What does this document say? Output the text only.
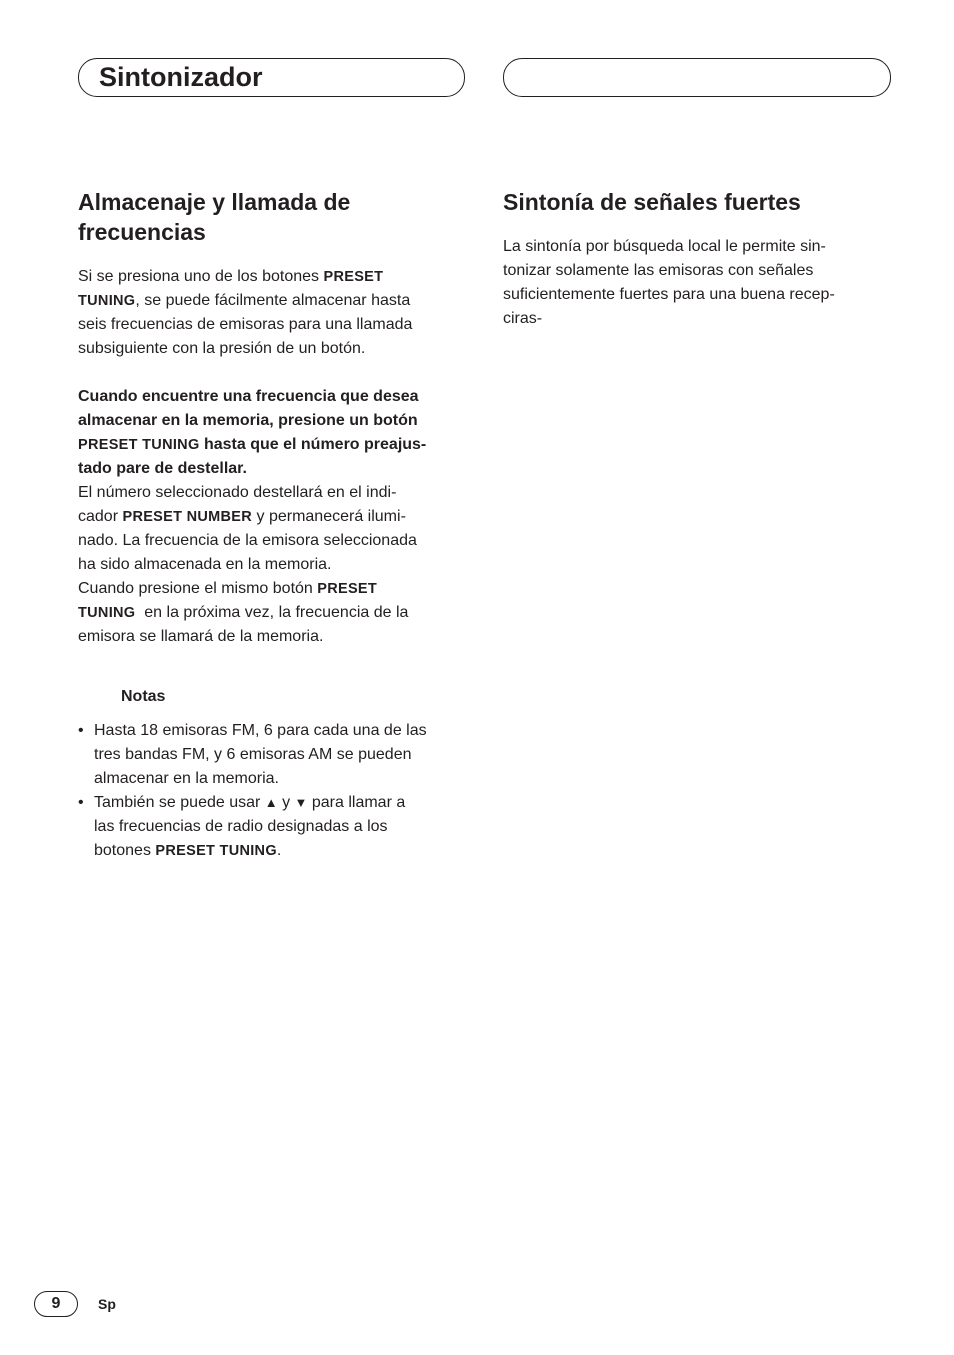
Sintonizador
Almacenaje y llamada de
frecuencias

Si se presiona uno de los botones PRESET
TUNING, se puede fácilmente almacenar hasta
seis frecuencias de emisoras para una llamada
subsiguiente con la presión de un botón.

Cuando encuentre una frecuencia que desea
almacenar en la memoria, presione un botón
PRESET TUNING hasta que el número preajus-
tado pare de destellar.

El número seleccionado destellará en el indi-
cador PRESET NUMBER y permanecerá ilumi-
nado. La frecuencia de la emisora seleccionada
ha sido almacenada en la memoria.
Cuando presione el mismo botón PRESET
TUNING  en la próxima vez, la frecuencia de la
emisora se llamará de la memoria.

Notas
• Hasta 18 emisoras FM, 6 para cada una de las
tres bandas FM, y 6 emisoras AM se pueden
almacenar en la memoria.
• También se puede usar ▲ y ▼ para llamar a
las frecuencias de radio designadas a los
botones PRESET TUNING.
Sintonía de señales fuertes

La sintonía por búsqueda local le permite sin-
tonizar solamente las emisoras con señales
suficientemente fuertes para una buena recep-
ciras-

9	Sp
